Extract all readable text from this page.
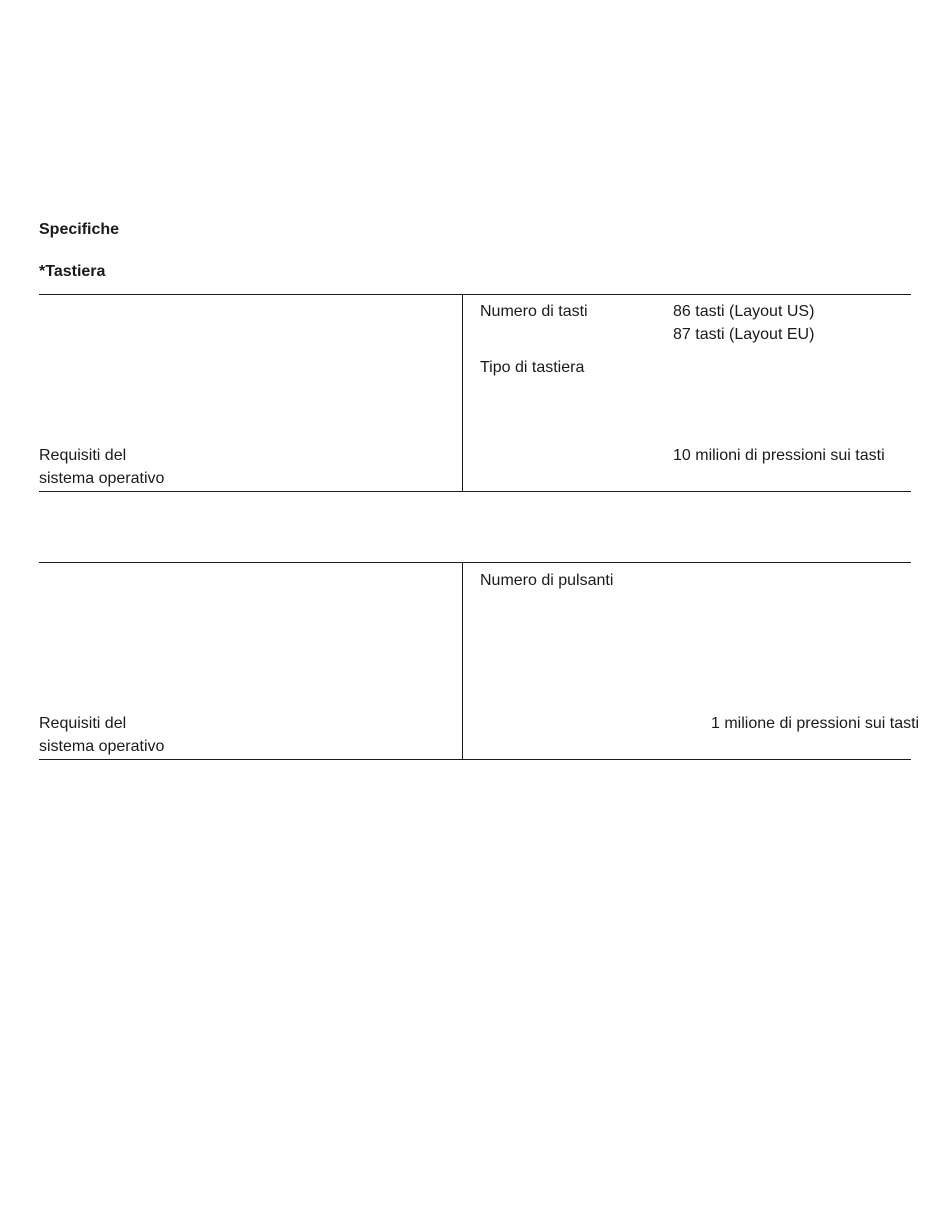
Specifiche
*Tastiera
Numero di tasti	86 tasti (Layout US)
87 tasti (Layout EU)
Tipo di tastiera
Requisiti del
sistema operativo
10 milioni di pressioni sui tasti
Numero di pulsanti
Requisiti del
sistema operativo
1 milione di pressioni sui tasti
